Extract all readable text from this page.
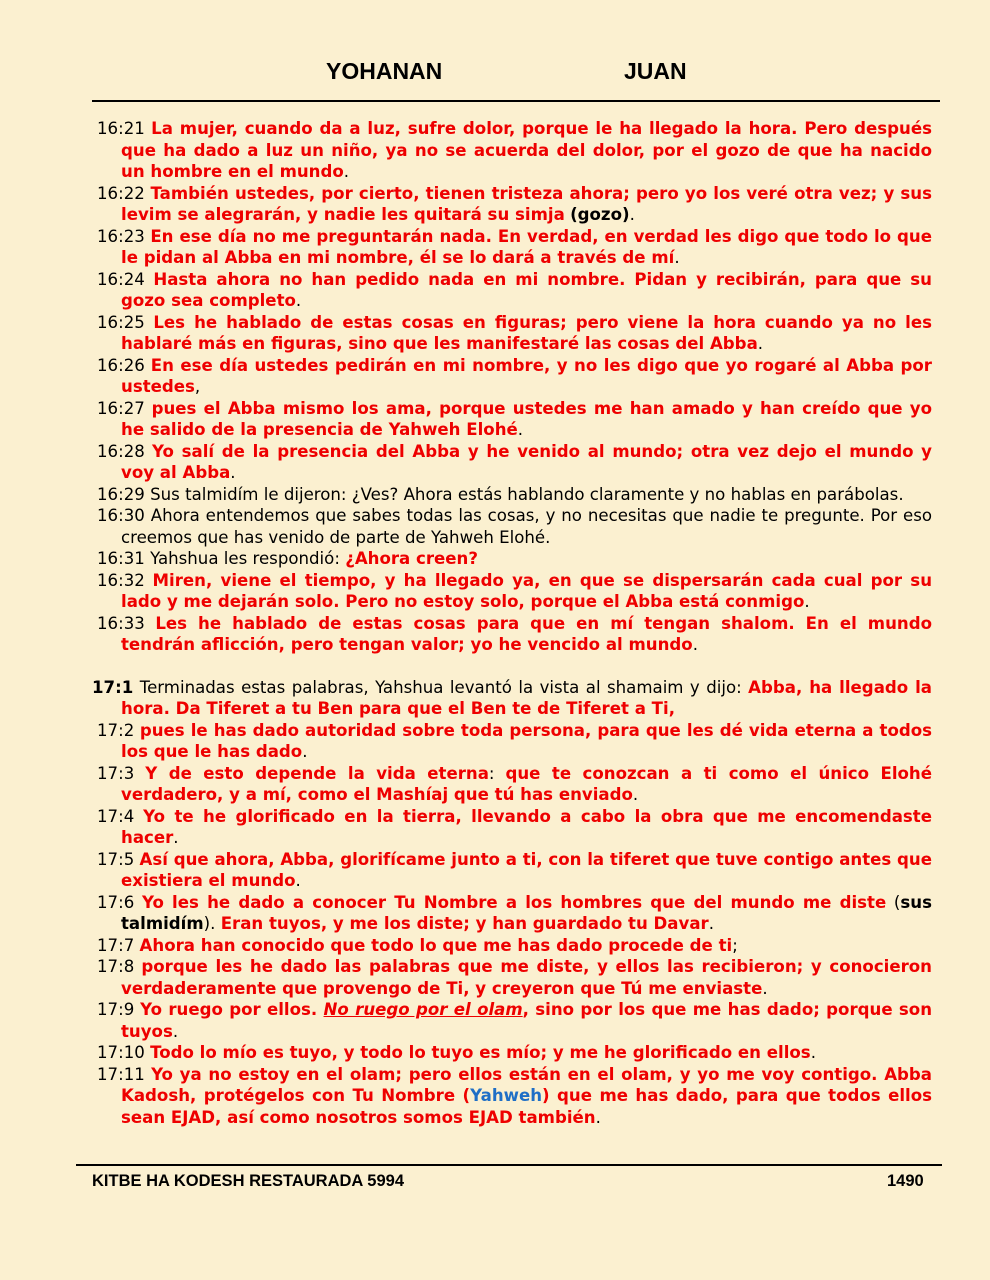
YOHANAN	JUAN

16:21 La mujer, cuando da a luz, sufre dolor, porque le ha llegado la hora. Pero después que ha dado a luz un niño, ya no se acuerda del dolor, por el gozo de que ha nacido un hombre en el mundo.

16:22 También ustedes, por cierto, tienen tristeza ahora; pero yo los veré otra vez; y sus levim se alegrarán, y nadie les quitará su simja (gozo).

16:23 En ese día no me preguntarán nada. En verdad, en verdad les digo que todo lo que le pidan al Abba en mi nombre, él se lo dará a través de mí.

16:24 Hasta ahora no han pedido nada en mi nombre. Pidan y recibirán, para que su gozo sea completo.

16:25 Les he hablado de estas cosas en figuras; pero viene la hora cuando ya no les hablaré más en figuras, sino que les manifestaré las cosas del Abba.

16:26 En ese día ustedes pedirán en mi nombre, y no les digo que yo rogaré al Abba por ustedes,

16:27 pues el Abba mismo los ama, porque ustedes me han amado y han creído que yo he salido de la presencia de Yahweh Elohé.

16:28 Yo salí de la presencia del Abba y he venido al mundo; otra vez dejo el mundo y voy al Abba.

16:29 Sus talmidím le dijeron: ¿Ves? Ahora estás hablando claramente y no hablas en parábolas.

16:30 Ahora entendemos que sabes todas las cosas, y no necesitas que nadie te pregunte. Por eso creemos que has venido de parte de Yahweh Elohé.

16:31 Yahshua les respondió: ¿Ahora creen?

16:32 Miren, viene el tiempo, y ha llegado ya, en que se dispersarán cada cual por su lado y me dejarán solo. Pero no estoy solo, porque el Abba está conmigo.

16:33 Les he hablado de estas cosas para que en mí tengan shalom. En el mundo tendrán aflicción, pero tengan valor; yo he vencido al mundo.

17:1 Terminadas estas palabras, Yahshua levantó la vista al shamaim y dijo: Abba, ha llegado la hora. Da Tiferet a tu Ben para que el Ben te de Tiferet a Ti,

17:2 pues le has dado autoridad sobre toda persona, para que les dé vida eterna a todos los que le has dado.

17:3 Y de esto depende la vida eterna: que te conozcan a ti como el único Elohé verdadero, y a mí, como el Mashíaj que tú has enviado.

17:4 Yo te he glorificado en la tierra, llevando a cabo la obra que me encomendaste hacer.

17:5 Así que ahora, Abba, glorifícame junto a ti, con la tiferet que tuve contigo antes que existiera el mundo.

17:6 Yo les he dado a conocer Tu Nombre a los hombres que del mundo me diste (sus talmidím). Eran tuyos, y me los diste; y han guardado tu Davar.

17:7 Ahora han conocido que todo lo que me has dado procede de ti;

17:8 porque les he dado las palabras que me diste, y ellos las recibieron; y conocieron verdaderamente que provengo de Ti, y creyeron que Tú me enviaste.

17:9 Yo ruego por ellos. No ruego por el olam, sino por los que me has dado; porque son tuyos.

17:10 Todo lo mío es tuyo, y todo lo tuyo es mío; y me he glorificado en ellos.

17:11 Yo ya no estoy en el olam; pero ellos están en el olam, y yo me voy contigo. Abba Kadosh, protégelos con Tu Nombre (Yahweh) que me has dado, para que todos ellos sean EJAD, así como nosotros somos EJAD también.

KITBE HA KODESH RESTAURADA 5994	1490
